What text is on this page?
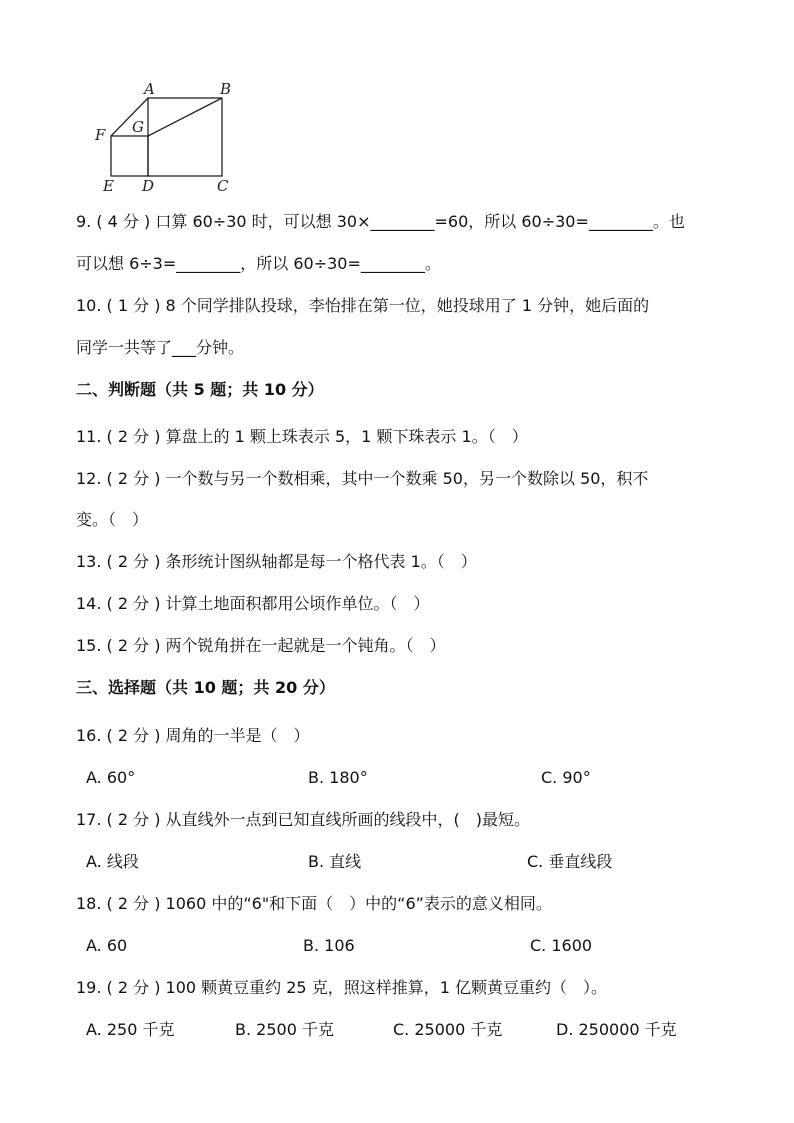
A	B
F G
E D	C
9. ( 4 分 ) 口算 60÷30 时，可以想 30×________=60，所以 60÷30=________。也
可以想 6÷3=________，所以 60÷30=________。
10. ( 1 分 ) 8 个同学排队投球，李怡排在第一位，她投球用了 1 分钟，她后面的
同学一共等了___分钟。
二、判断题（共 5 题；共 10 分）
11. ( 2 分 ) 算盘上的 1 颗上珠表示 5，1 颗下珠表示 1。（　）
12. ( 2 分 ) 一个数与另一个数相乘，其中一个数乘 50，另一个数除以 50，积不
变。（　）
13. ( 2 分 ) 条形统计图纵轴都是每一个格代表 1。（　）
14. ( 2 分 ) 计算土地面积都用公顷作单位。（　）
15. ( 2 分 ) 两个锐角拼在一起就是一个钝角。（　）
三、选择题（共 10 题；共 20 分）
16. ( 2 分 ) 周角的一半是（　）
A. 60°	B. 180°	C. 90°
17. ( 2 分 ) 从直线外一点到已知直线所画的线段中，(　)最短。
A. 线段	B. 直线	C. 垂直线段
18. ( 2 分 ) 1060 中的“6"和下面（　）中的“6”表示的意义相同。
A. 60	B. 106	C. 1600
19. ( 2 分 ) 100 颗黄豆重约 25 克，照这样推算，1 亿颗黄豆重约（　）。
A. 250 千克	B. 2500 千克	C. 25000 千克	D. 250000 千克
